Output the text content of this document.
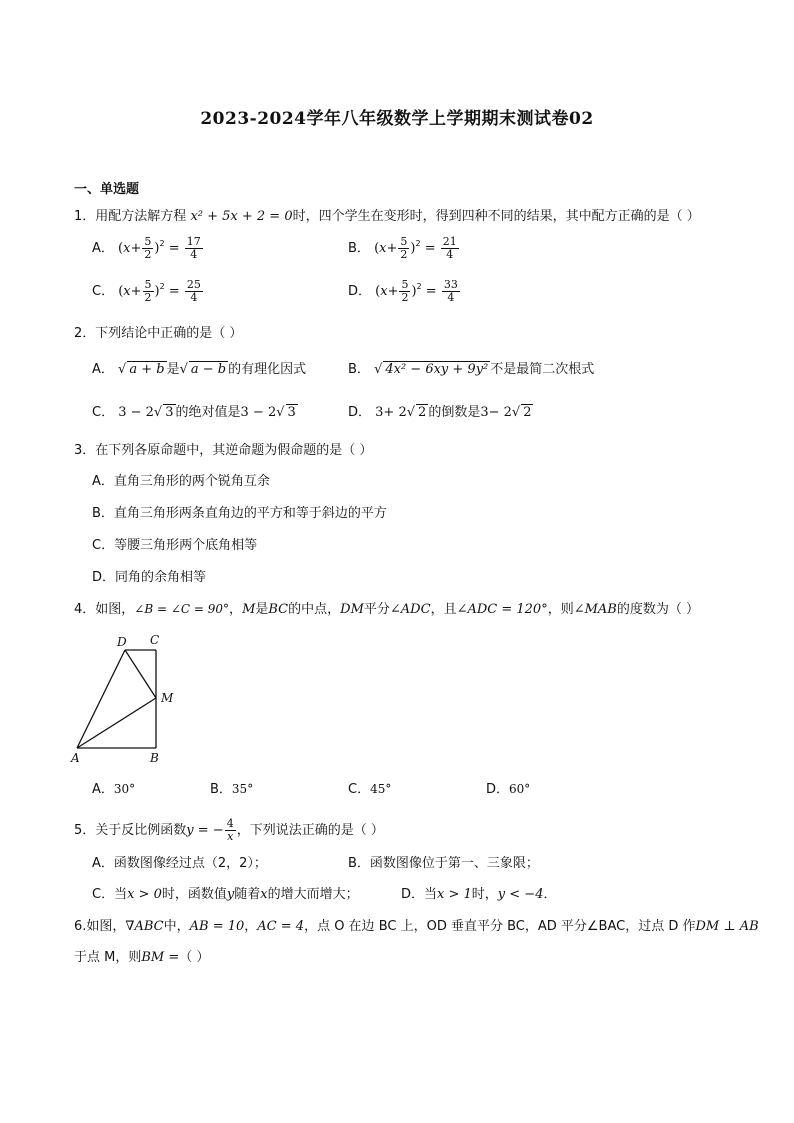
2023-2024学年八年级数学上学期期末测试卷02
一、单选题
1．用配方法解方程 x² + 5x + 2 = 0时，四个学生在变形时，得到四种不同的结果，其中配方正确的是（ ）
A． $(x+ \frac{5}{2} )^2 = \frac{17}{4}$	B． $(x+ \frac{5}{2} )^2 = \frac{21}{4}$
C． $(x+ \frac{5}{2} )^2 = \frac{25}{4}$	D． $(x+ \frac{5}{2} )^2 = \frac{33}{4}$
2．下列结论中正确的是（ ）
A． √ a + b 是√ a − b 的有理化因式	B． √ 4x² − 6xy + 9y² 不是最简二次根式
C． 3 − 2√ 3 的绝对值是3 − 2√ 3	D． 3+ 2√ 2 的倒数是3− 2√ 2
3．在下列各原命题中，其逆命题为假命题的是（ ）
A．直角三角形的两个锐角互余
B．直角三角形两条直角边的平方和等于斜边的平方
C．等腰三角形两个底角相等
D．同角的余角相等
4．如图，∠B = ∠C = 90°，M是BC的中点，DM平分∠ADC，且∠ADC = 120°，则∠MAB的度数为（ ）
D C
M
A	B
A．30°	B．35°	C．45°	D．60°
5．关于反比例函数y = − $\frac{4}{x}$ ，下列说法正确的是（ ）
A．函数图像经过点（2，2）；	B．函数图像位于第一、三象限；
C．当x > 0时，函数值y随着x的增大而增大；	D．当x > 1时，y < −4．
6.如图，∇ABC中，AB = 10，AC = 4，点 O 在边 BC 上，OD 垂直平分 BC，AD 平分∠BAC，过点 D 作DM ⊥ AB
于点 M，则BM =（ ）
